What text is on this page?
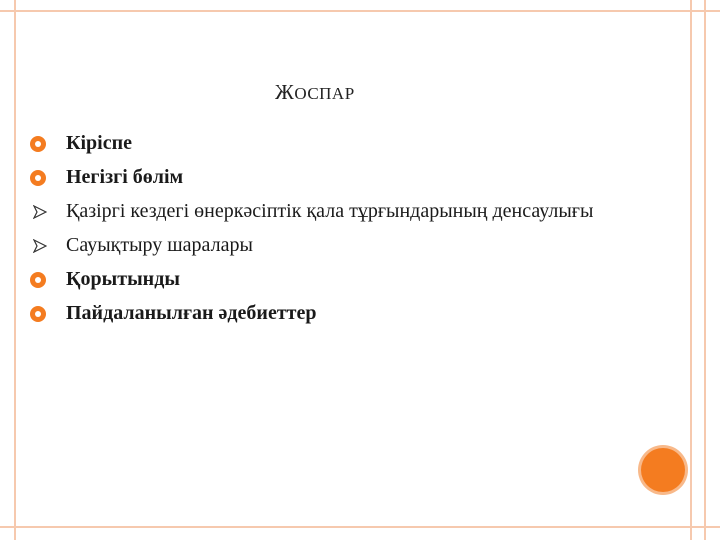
ЖОСПАР
Кіріспе
Негізгі бөлім
Қазіргі кездегі өнеркәсіптік қала тұрғындарының денсаулығы
Сауықтыру шаралары
Қорытынды
Пайдаланылған әдебиеттер
